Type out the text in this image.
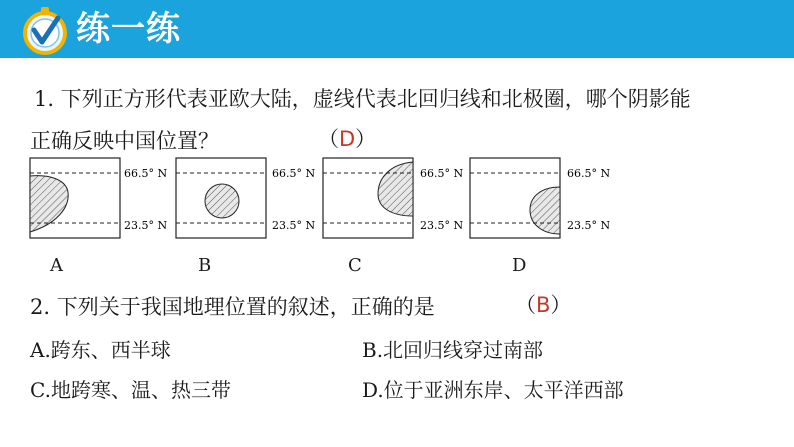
练一练
1. 下列正方形代表亚欧大陆，虚线代表北回归线和北极圈，哪个阴影能
正确反映中国位置？	（D）
66.5° N
23.5° N
66.5° N
23.5° N
66.5° N
23.5° N
66.5° N
23.5° N
A	B	C	D
2. 下列关于我国地理位置的叙述，正确的是	（B）
A.跨东、西半球	B.北回归线穿过南部
C.地跨寒、温、热三带	D.位于亚洲东岸、太平洋西部
